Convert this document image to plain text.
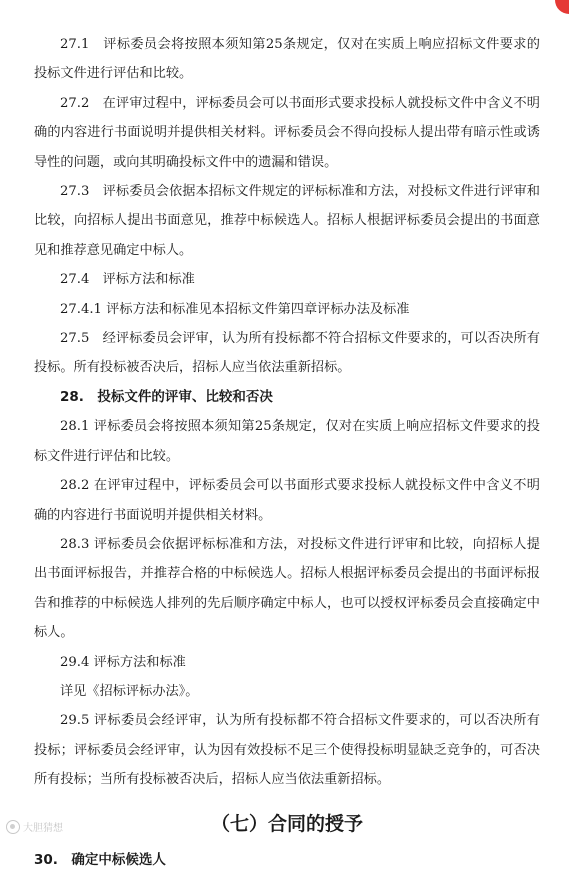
27.1　评标委员会将按照本须知第25条规定，仅对在实质上响应招标文件要求的投标文件进行评估和比较。

27.2　在评审过程中，评标委员会可以书面形式要求投标人就投标文件中含义不明确的内容进行书面说明并提供相关材料。评标委员会不得向投标人提出带有暗示性或诱导性的问题，或向其明确投标文件中的遗漏和错误。

27.3　评标委员会依据本招标文件规定的评标标准和方法，对投标文件进行评审和比较，向招标人提出书面意见，推荐中标候选人。招标人根据评标委员会提出的书面意见和推荐意见确定中标人。

27.4　评标方法和标准

27.4.1 评标方法和标准见本招标文件第四章评标办法及标准

27.5　经评标委员会评审，认为所有投标都不符合招标文件要求的，可以否决所有投标。所有投标被否决后，招标人应当依法重新招标。

28.　投标文件的评审、比较和否决

28.1 评标委员会将按照本须知第25条规定，仅对在实质上响应招标文件要求的投标文件进行评估和比较。

28.2 在评审过程中，评标委员会可以书面形式要求投标人就投标文件中含义不明确的内容进行书面说明并提供相关材料。

28.3 评标委员会依据评标标准和方法，对投标文件进行评审和比较，向招标人提出书面评标报告，并推荐合格的中标候选人。招标人根据评标委员会提出的书面评标报告和推荐的中标候选人排列的先后顺序确定中标人，也可以授权评标委员会直接确定中标人。

29.4 评标方法和标准

详见《招标评标办法》。

29.5 评标委员会经评审，认为所有投标都不符合招标文件要求的，可以否决所有投标；评标委员会经评审，认为因有效投标不足三个使得投标明显缺乏竞争的，可否决所有投标；当所有投标被否决后，招标人应当依法重新招标。

（七）合同的授予
30.　确定中标候选人
大胆猜想
